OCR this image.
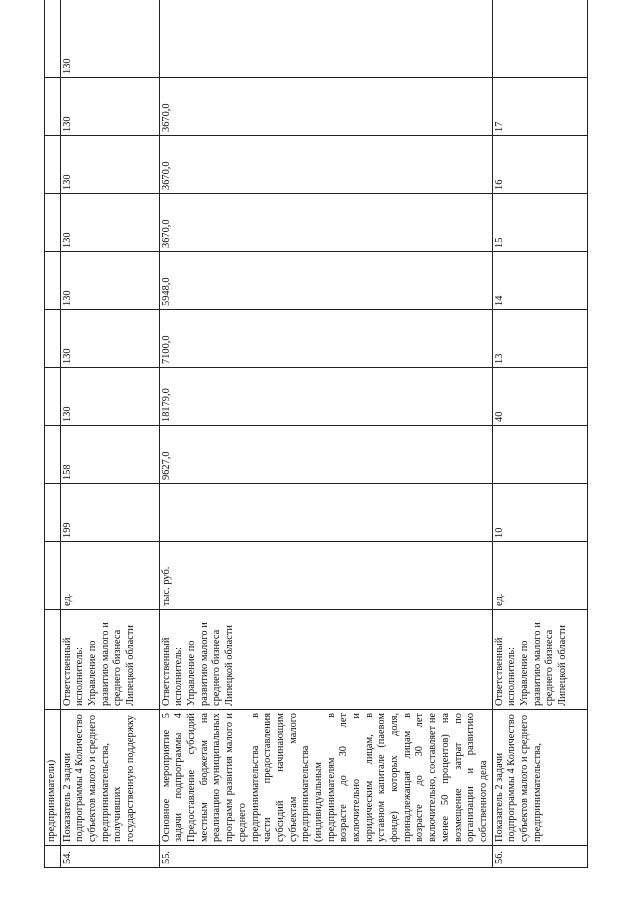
	предприниматели)											
54.	Показатель 2 задачи подпрограммы 4 Количество субъектов малого и среднего предпринимательства, получивших государственную поддержку	Ответственный исполнитель: Управление по развитию малого и среднего бизнеса Липецкой области	ед.	199	158	130	130	130	130	130	130	130
55.	Основное мероприятие 5 задачи подпрограммы 4 Предоставление субсидий местным бюджетам на реализацию муниципальных программ развития малого и среднего предпринимательства в части предоставления субсидий начинающим субъектам малого предпринимательства (индивидуальным предпринимателям в возрасте до 30 лет включительно и юридическим лицам, в уставном капитале (паевом фонде) которых доля, принадлежащая лицам в возрасте до 30 лет включительно, составляет не менее 50 процентов) на возмещение затрат по организации и развитию собственного дела	Ответственный исполнитель: Управление по развитию малого и среднего бизнеса Липецкой области	тыс. руб.		9627,0	18179,0	7100,0	5948,0	3670,0	3670,0	3670,0	
56.	Показатель 2 задачи подпрограммы 4 Количество субъектов малого и среднего предпринимательства,	Ответственный исполнитель: Управление по развитию малого и среднего бизнеса Липецкой области	ед.	10		40	13	14	15	16	17	
